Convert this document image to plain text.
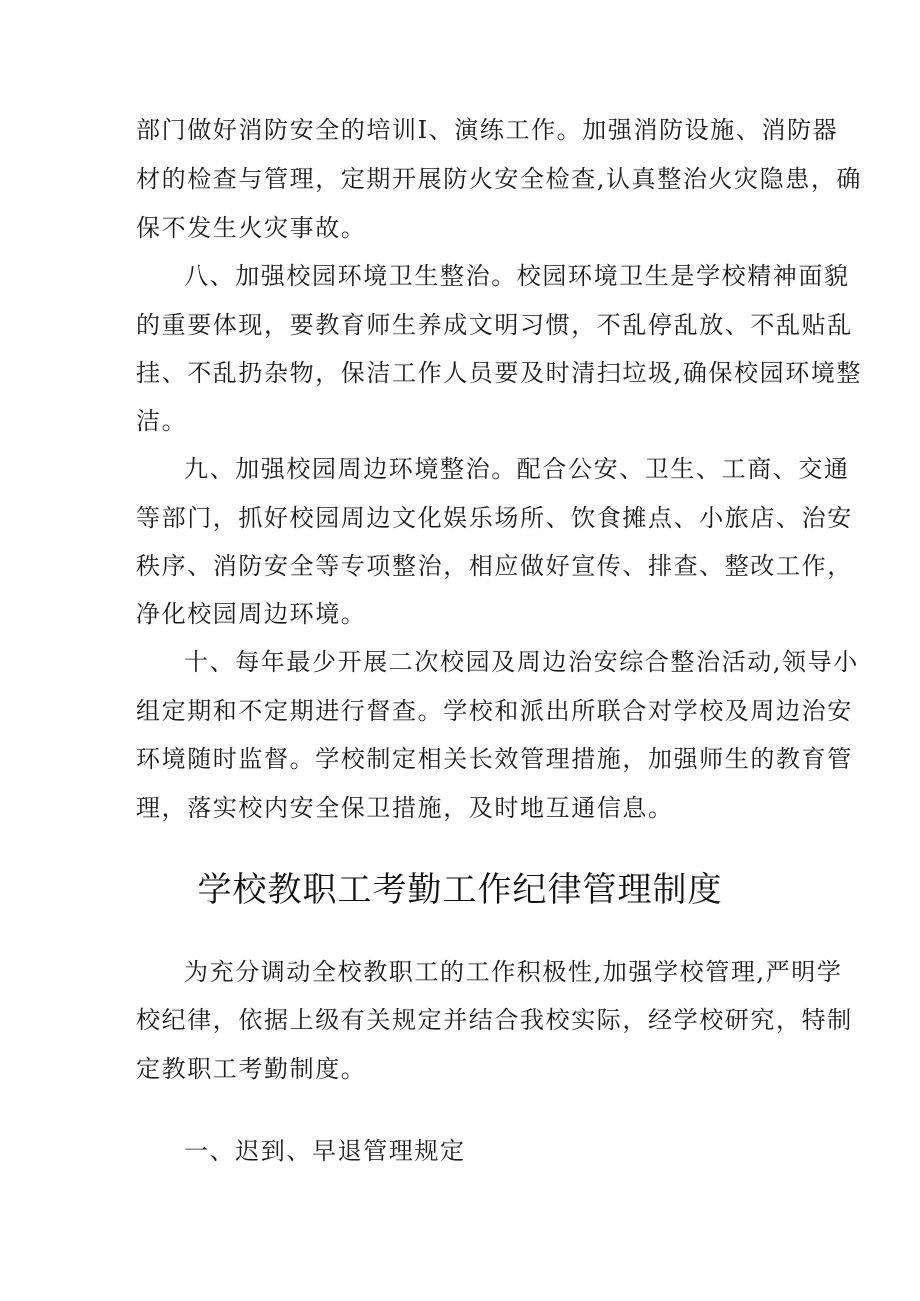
部门做好消防安全的培训Ⅰ、演练工作。加强消防设施、消防器
材的检查与管理，定期开展防火安全检查,认真整治火灾隐患，确
保不发生火灾事故。
八、加强校园环境卫生整治。校园环境卫生是学校精神面貌
的重要体现，要教育师生养成文明习惯，不乱停乱放、不乱贴乱
挂、不乱扔杂物，保洁工作人员要及时清扫垃圾,确保校园环境整
洁。
九、加强校园周边环境整治。配合公安、卫生、工商、交通
等部门，抓好校园周边文化娱乐场所、饮食摊点、小旅店、治安
秩序、消防安全等专项整治，相应做好宣传、排查、整改工作，
净化校园周边环境。
十、每年最少开展二次校园及周边治安综合整治活动,领导小
组定期和不定期进行督查。学校和派出所联合对学校及周边治安
环境随时监督。学校制定相关长效管理措施，加强师生的教育管
理，落实校内安全保卫措施，及时地互通信息。
学校教职工考勤工作纪律管理制度
为充分调动全校教职工的工作积极性,加强学校管理,严明学
校纪律，依据上级有关规定并结合我校实际，经学校研究，特制
定教职工考勤制度。
一、迟到、早退管理规定
